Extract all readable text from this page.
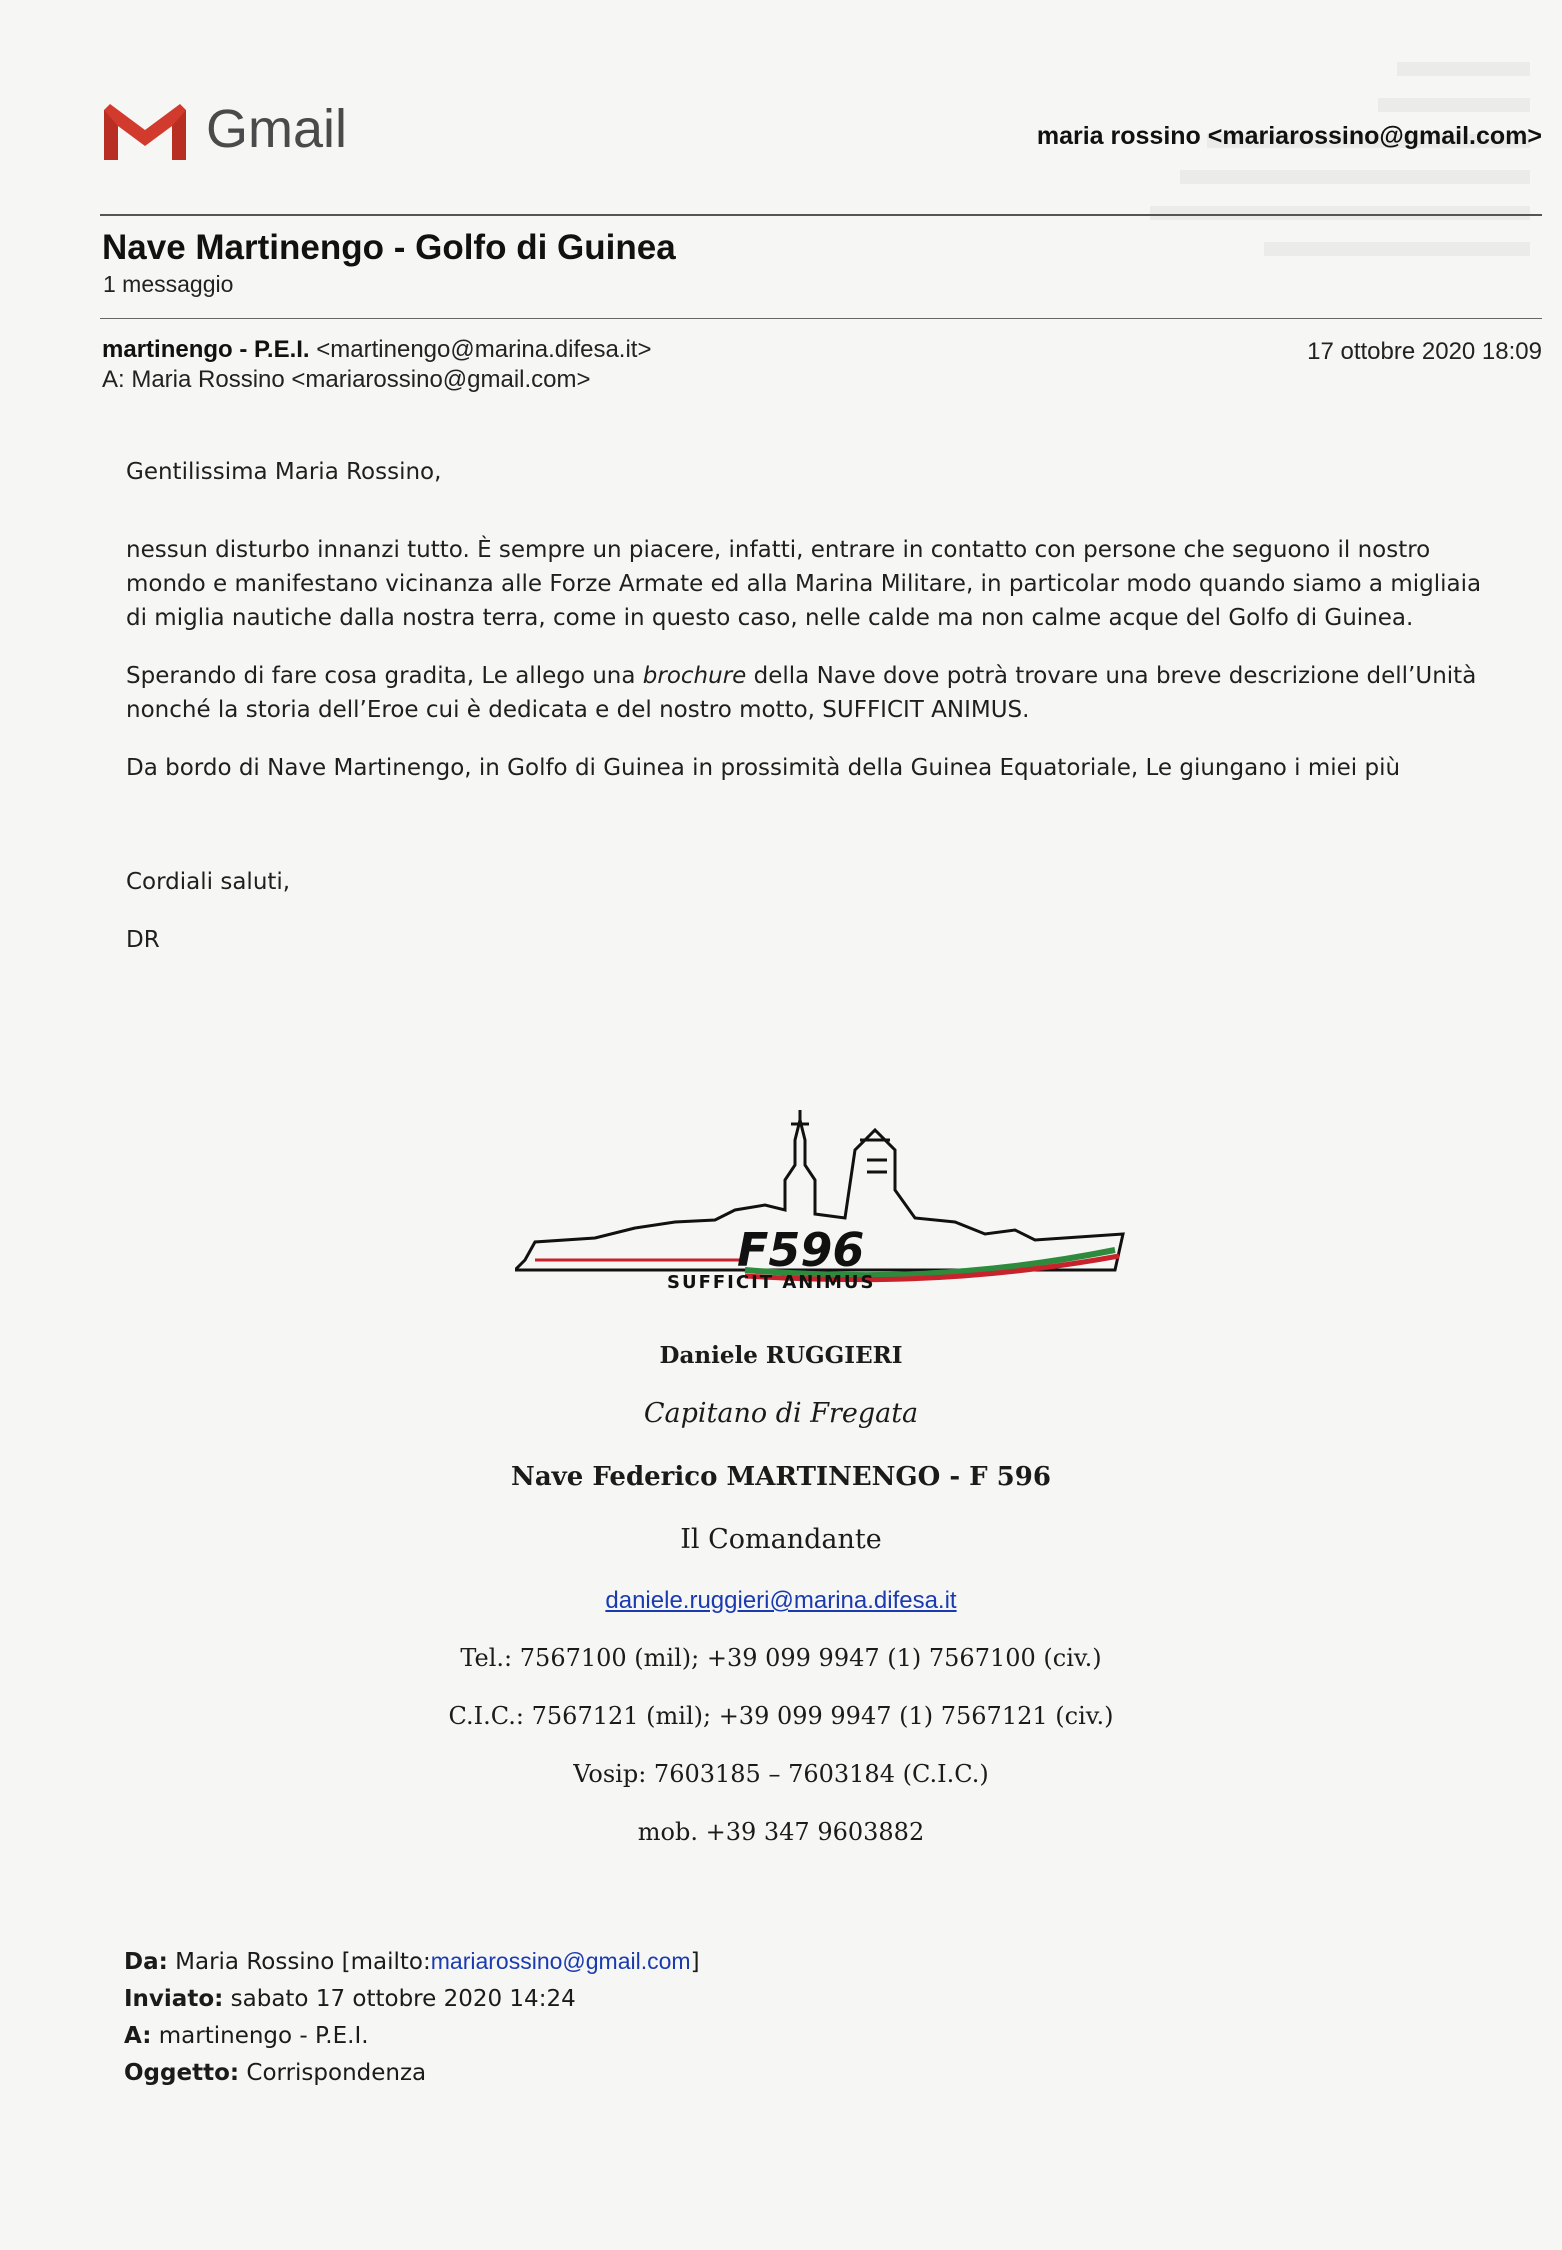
Gmail	maria rossino <mariarossino@gmail.com>
Nave Martinengo - Golfo di Guinea
1 messaggio
martinengo - P.E.I. <martinengo@marina.difesa.it>	17 ottobre 2020 18:09
A: Maria Rossino <mariarossino@gmail.com>

Gentilissima Maria Rossino,

nessun disturbo innanzi tutto. È sempre un piacere, infatti, entrare in contatto con persone che seguono il nostro mondo e manifestano vicinanza alle Forze Armate ed alla Marina Militare, in particolar modo quando siamo a migliaia di miglia nautiche dalla nostra terra, come in questo caso, nelle calde ma non calme acque del Golfo di Guinea.

Sperando di fare cosa gradita, Le allego una brochure della Nave dove potrà trovare una breve descrizione dell’Unità nonché la storia dell’Eroe cui è dedicata e del nostro motto, SUFFICIT ANIMUS.

Da bordo di Nave Martinengo, in Golfo di Guinea in prossimità della Guinea Equatoriale, Le giungano i miei più

Cordiali saluti,

DR

F596
SUFFICIT ANIMUS
Daniele RUGGIERI
Capitano di Fregata
Nave Federico MARTINENGO - F 596
Il Comandante
daniele.ruggieri@marina.difesa.it
Tel.: 7567100 (mil); +39 099 9947 (1) 7567100 (civ.)
C.I.C.: 7567121 (mil); +39 099 9947 (1) 7567121 (civ.)
Vosip: 7603185 – 7603184 (C.I.C.)
mob. +39 347 9603882
Da: Maria Rossino [mailto:mariarossino@gmail.com]
Inviato: sabato 17 ottobre 2020 14:24
A: martinengo - P.E.I.
Oggetto: Corrispondenza
